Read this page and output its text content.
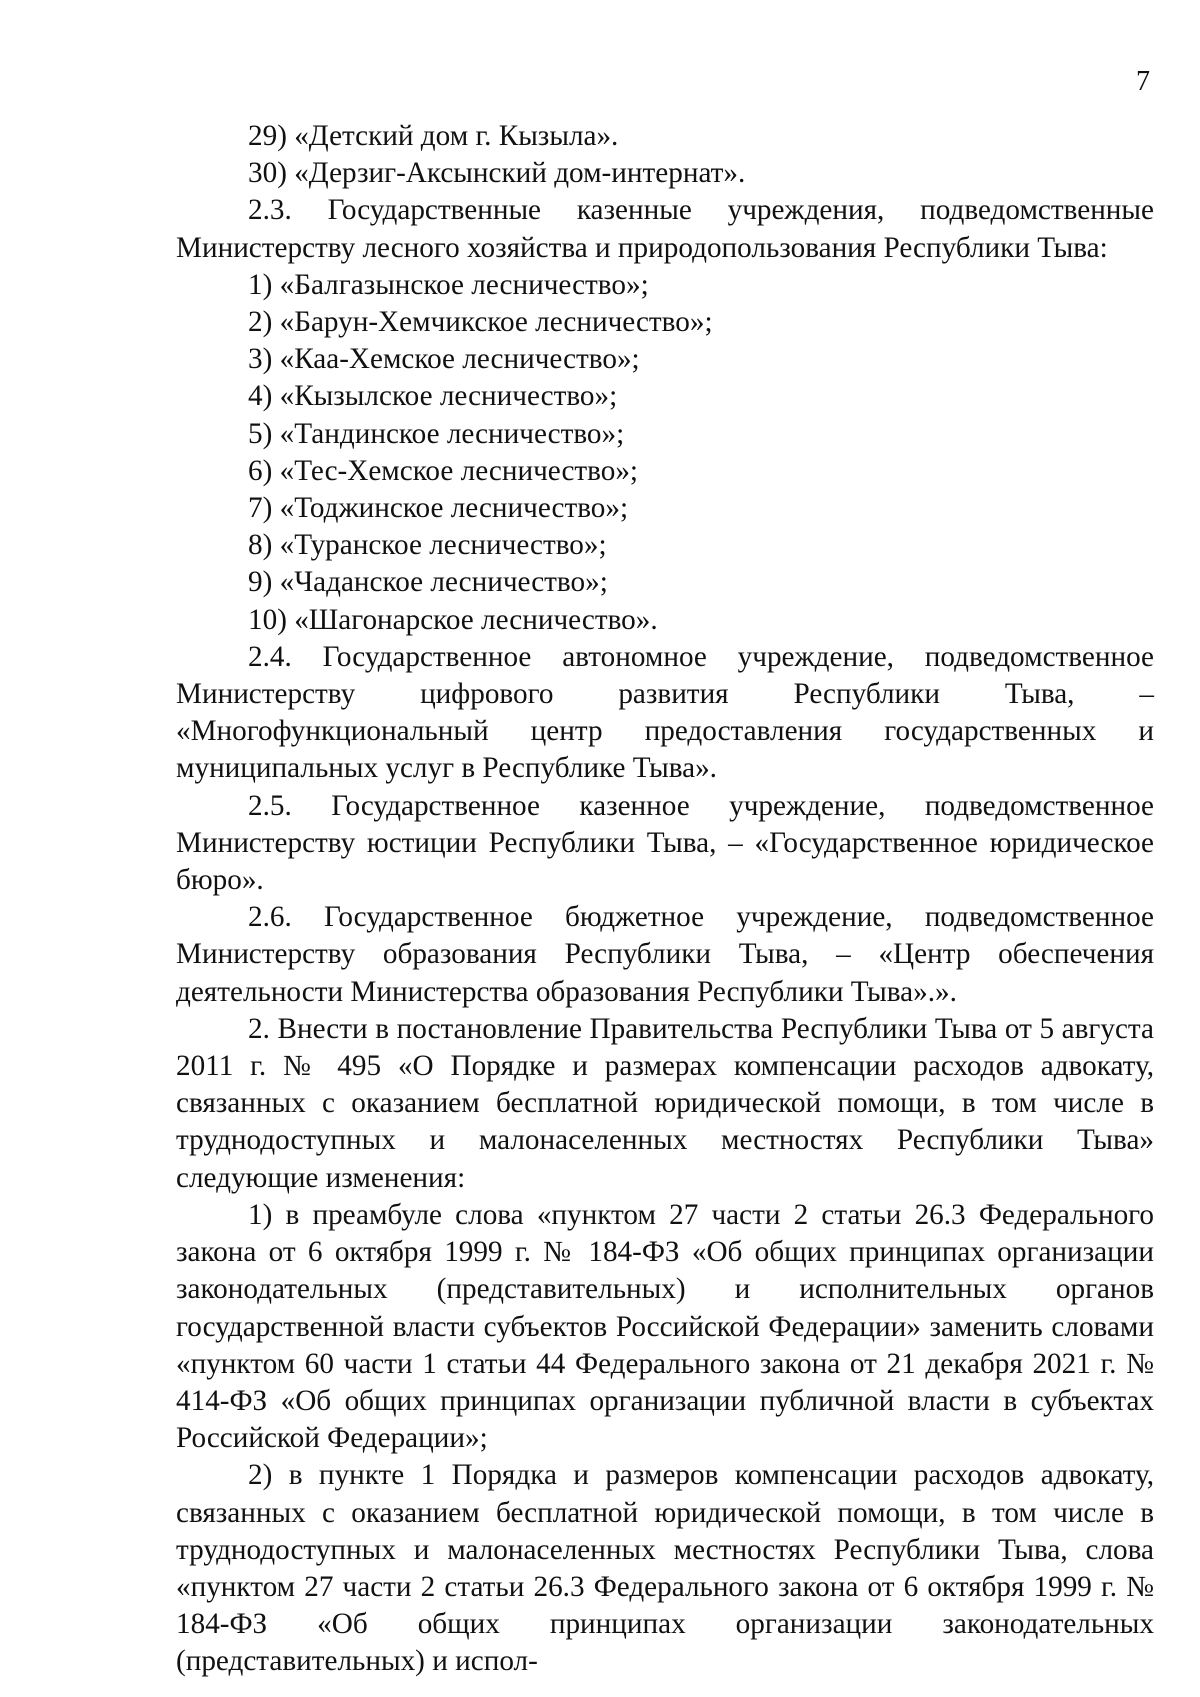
7

29) «Детский дом г. Кызыла».

30) «Дерзиг-Аксынский дом-интернат».

2.3. Государственные казенные учреждения, подведомственные Министерству лесного хозяйства и природопользования Республики Тыва:

1) «Балгазынское лесничество»;

2) «Барун-Хемчикское лесничество»;

3) «Каа-Хемское лесничество»;

4) «Кызылское лесничество»;

5) «Тандинское лесничество»;

6) «Тес-Хемское лесничество»;

7) «Тоджинское лесничество»;

8) «Туранское лесничество»;

9) «Чаданское лесничество»;

10) «Шагонарское лесничество».

2.4. Государственное автономное учреждение, подведомственное Министерству цифрового развития Республики Тыва, – «Многофункциональный центр предоставления государственных и муниципальных услуг в Республике Тыва».

2.5. Государственное казенное учреждение, подведомственное Министерству юстиции Республики Тыва, – «Государственное юридическое бюро».

2.6. Государственное бюджетное учреждение, подведомственное Министерству образования Республики Тыва, – «Центр обеспечения деятельности Министерства образования Республики Тыва».».

2. Внести в постановление Правительства Республики Тыва от 5 августа 2011 г. № 495 «О Порядке и размерах компенсации расходов адвокату, связанных с оказанием бесплатной юридической помощи, в том числе в труднодоступных и малонаселенных местностях Республики Тыва» следующие изменения:

1) в преамбуле слова «пунктом 27 части 2 статьи 26.3 Федерального закона от 6 октября 1999 г. № 184-ФЗ «Об общих принципах организации законодательных (представительных) и исполнительных органов государственной власти субъектов Российской Федерации» заменить словами «пунктом 60 части 1 статьи 44 Федерального закона от 21 декабря 2021 г. № 414-ФЗ «Об общих принципах организации публичной власти в субъектах Российской Федерации»;

2) в пункте 1 Порядка и размеров компенсации расходов адвокату, связанных с оказанием бесплатной юридической помощи, в том числе в труднодоступных и малонаселенных местностях Республики Тыва, слова «пунктом 27 части 2 статьи 26.3 Федерального закона от 6 октября 1999 г. № 184-ФЗ «Об общих принципах организации законодательных (представительных) и испол-
